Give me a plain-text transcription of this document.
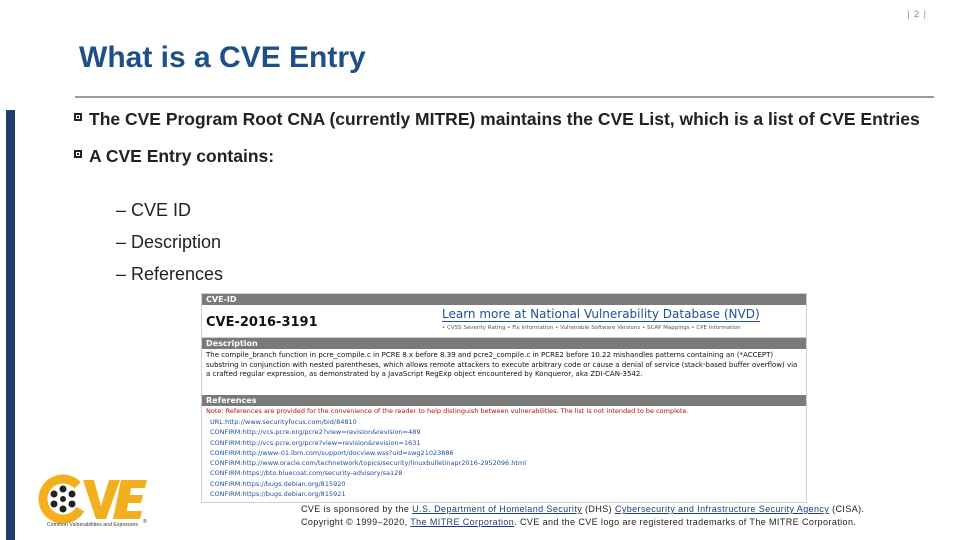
| 2 |
What is a CVE Entry
The CVE Program Root CNA (currently MITRE) maintains the CVE List, which is a list of CVE Entries
A CVE Entry contains:
– CVE ID
– Description
– References
CVE-ID
CVE-2016-3191
Learn more at National Vulnerability Database (NVD)
• CVSS Severity Rating • Fix Information • Vulnerable Software Versions • SCAP Mappings • CPE Information
Description
The compile_branch function in pcre_compile.c in PCRE 8.x before 8.39 and pcre2_compile.c in PCRE2 before 10.22 mishandles patterns containing an (*ACCEPT) substring in conjunction with nested parentheses, which allows remote attackers to execute arbitrary code or cause a denial of service (stack-based buffer overflow) via a crafted regular expression, as demonstrated by a JavaScript RegExp object encountered by Konqueror, aka ZDI-CAN-3542.
References
Note: References are provided for the convenience of the reader to help distinguish between vulnerabilities. The list is not intended to be complete.
URL:http://www.securityfocus.com/bid/84810
CONFIRM:http://vcs.pcre.org/pcre2?view=revision&revision=489
CONFIRM:http://vcs.pcre.org/pcre?view=revision&revision=1631
CONFIRM:http://www-01.ibm.com/support/docview.wss?uid=swg21023886
CONFIRM:http://www.oracle.com/technetwork/topics/security/linuxbulletinapr2016-2952096.html
CONFIRM:https://bto.bluecoat.com/security-advisory/sa128
CONFIRM:https://bugs.debian.org/815920
CONFIRM:https://bugs.debian.org/815921
®
Common Vulnerabilities and Exposures
CVE is sponsored by the U.S. Department of Homeland Security (DHS) Cybersecurity and Infrastructure Security Agency (CISA).
Copyright © 1999–2020, The MITRE Corporation. CVE and the CVE logo are registered trademarks of The MITRE Corporation.
